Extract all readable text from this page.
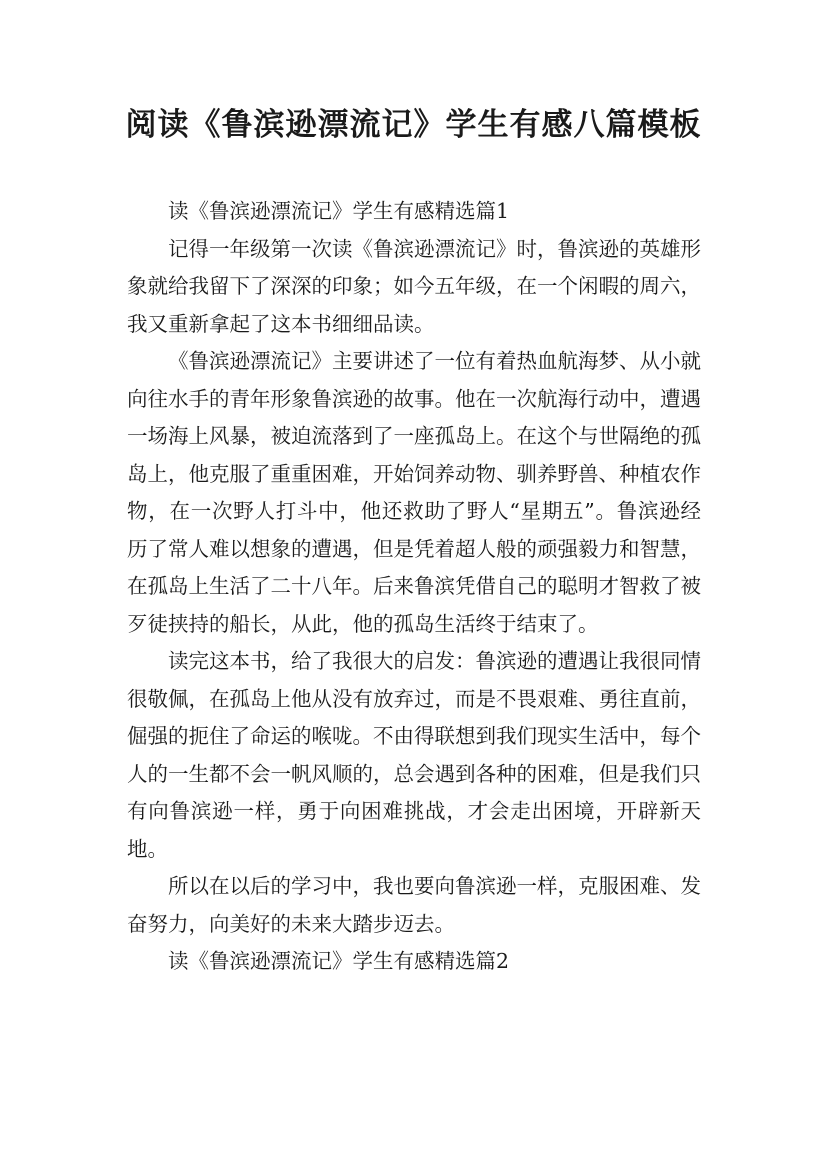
阅读《鲁滨逊漂流记》学生有感八篇模板

读《鲁滨逊漂流记》学生有感精选篇1

记得一年级第一次读《鲁滨逊漂流记》时，鲁滨逊的英雄形象就给我留下了深深的印象；如今五年级，在一个闲暇的周六，我又重新拿起了这本书细细品读。

《鲁滨逊漂流记》主要讲述了一位有着热血航海梦、从小就向往水手的青年形象鲁滨逊的故事。他在一次航海行动中，遭遇一场海上风暴，被迫流落到了一座孤岛上。在这个与世隔绝的孤岛上，他克服了重重困难，开始饲养动物、驯养野兽、种植农作物，在一次野人打斗中，他还救助了野人“星期五”。鲁滨逊经历了常人难以想象的遭遇，但是凭着超人般的顽强毅力和智慧，在孤岛上生活了二十八年。后来鲁滨凭借自己的聪明才智救了被歹徒挟持的船长，从此，他的孤岛生活终于结束了。

读完这本书，给了我很大的启发：鲁滨逊的遭遇让我很同情很敬佩，在孤岛上他从没有放弃过，而是不畏艰难、勇往直前，倔强的扼住了命运的喉咙。不由得联想到我们现实生活中，每个人的一生都不会一帆风顺的，总会遇到各种的困难，但是我们只有向鲁滨逊一样，勇于向困难挑战，才会走出困境，开辟新天地。

所以在以后的学习中，我也要向鲁滨逊一样，克服困难、发奋努力，向美好的未来大踏步迈去。

读《鲁滨逊漂流记》学生有感精选篇2
